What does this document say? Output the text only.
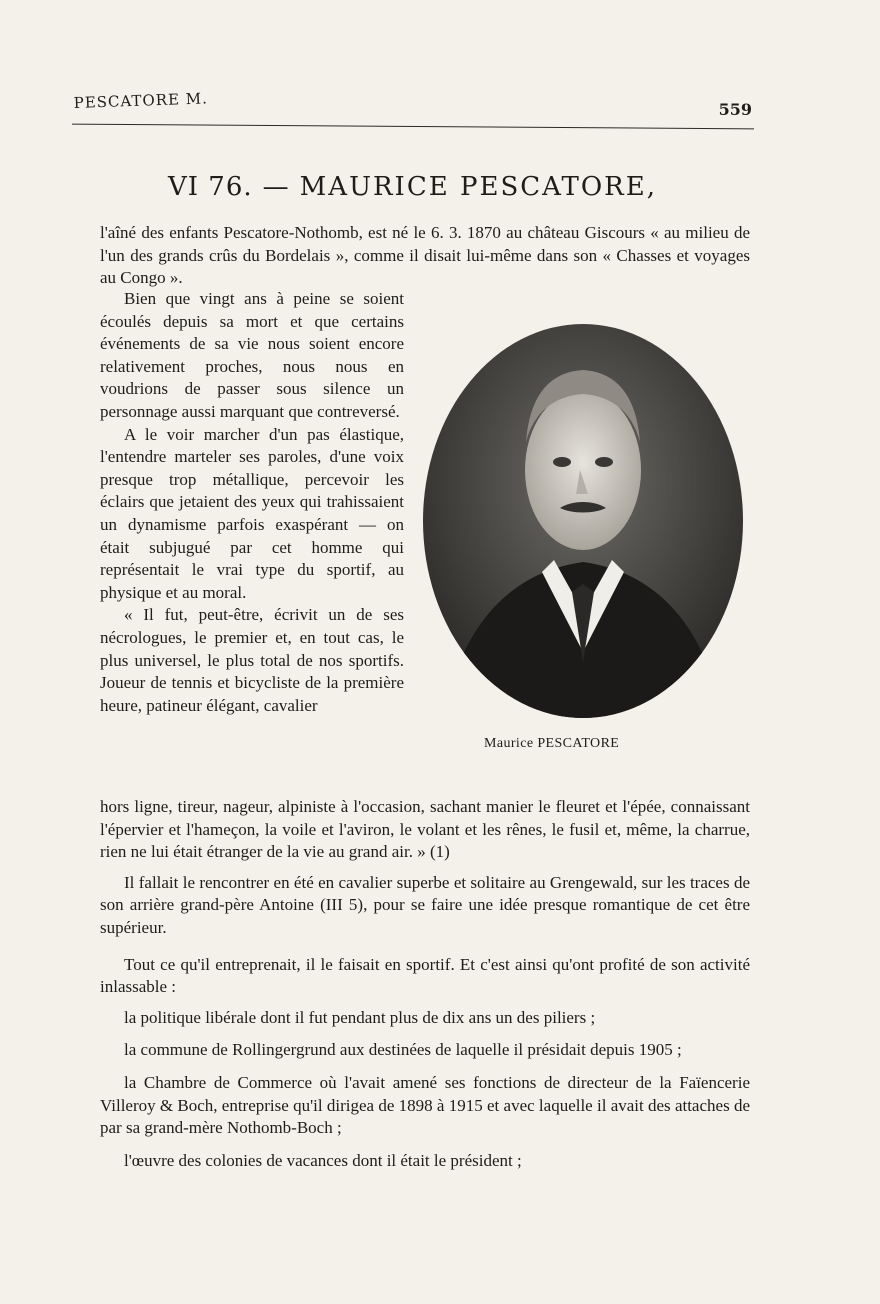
PESCATORE M.	559
VI 76. — MAURICE PESCATORE,
l'aîné des enfants Pescatore-Nothomb, est né le 6. 3. 1870 au château Giscours « au milieu de l'un des grands crûs du Bordelais », comme il disait lui-même dans son « Chasses et voyages au Congo ».

Bien que vingt ans à peine se soient écoulés depuis sa mort et que certains événements de sa vie nous soient encore relativement proches, nous nous en voudrions de passer sous silence un personnage aussi marquant que contreversé.

A le voir marcher d'un pas élastique, l'entendre marteler ses paroles, d'une voix presque trop métallique, percevoir les éclairs que jetaient des yeux qui trahissaient un dynamisme parfois exaspérant — on était subjugué par cet homme qui représentait le vrai type du sportif, au physique et au moral.

« Il fut, peut-être, écrivit un de ses nécrologues, le premier et, en tout cas, le plus universel, le plus total de nos sportifs. Joueur de tennis et bicycliste de la première heure, patineur élégant, cavalier

Maurice PESCATORE

hors ligne, tireur, nageur, alpiniste à l'occasion, sachant manier le fleuret et l'épée, connaissant l'épervier et l'hameçon, la voile et l'aviron, le volant et les rênes, le fusil et, même, la charrue, rien ne lui était étranger de la vie au grand air. » (1)

Il fallait le rencontrer en été en cavalier superbe et solitaire au Grengewald, sur les traces de son arrière grand-père Antoine (III 5), pour se faire une idée presque romantique de cet être supérieur.

Tout ce qu'il entreprenait, il le faisait en sportif. Et c'est ainsi qu'ont profité de son activité inlassable :

la politique libérale dont il fut pendant plus de dix ans un des piliers ;

la commune de Rollingergrund aux destinées de laquelle il présidait depuis 1905 ;

la Chambre de Commerce où l'avait amené ses fonctions de directeur de la Faïencerie Villeroy & Boch, entreprise qu'il dirigea de 1898 à 1915 et avec laquelle il avait des attaches de par sa grand-mère Nothomb-Boch ;

l'œuvre des colonies de vacances dont il était le président ;
